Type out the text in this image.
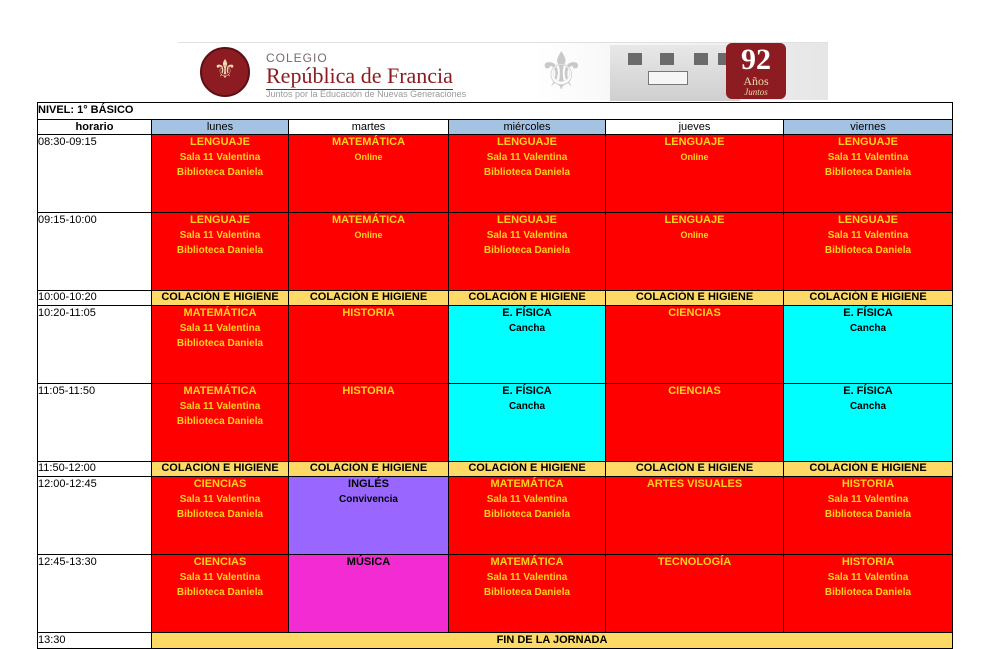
⚜	COLEGIO
República de Francia
Juntos por la Educación de Nuevas Generaciones ⚜	92
Años
Juntos
NIVEL: 1° BÁSICO					
horario	lunes	martes	miércoles	jueves	viernes
08:30-09:15	LENGUAJE
Sala 11 Valentina
Biblioteca Daniela	MATEMÁTICA
Online	LENGUAJE
Sala 11 Valentina
Biblioteca Daniela	LENGUAJE
Online	LENGUAJE
Sala 11 Valentina
Biblioteca Daniela

09:15-10:00	LENGUAJE
Sala 11 Valentina
Biblioteca Daniela	MATEMÁTICA
Online	LENGUAJE
Sala 11 Valentina
Biblioteca Daniela	LENGUAJE
Online	LENGUAJE
Sala 11 Valentina
Biblioteca Daniela

10:00-10:20	COLACIÓN E HIGIENE	COLACIÓN E HIGIENE	COLACIÓN E HIGIENE	COLACIÓN E HIGIENE	COLACIÓN E HIGIENE
10:20-11:05	MATEMÁTICA
Sala 11 Valentina
Biblioteca Daniela	HISTORIA	E. FÍSICA
Cancha	CIENCIAS	E. FÍSICA
Cancha

11:05-11:50	MATEMÁTICA
Sala 11 Valentina
Biblioteca Daniela	HISTORIA	E. FÍSICA
Cancha	CIENCIAS	E. FÍSICA
Cancha

11:50-12:00	COLACIÓN E HIGIENE	COLACIÓN E HIGIENE	COLACIÓN E HIGIENE	COLACIÓN E HIGIENE	COLACIÓN E HIGIENE
12:00-12:45	CIENCIAS
Sala 11 Valentina
Biblioteca Daniela	INGLÉS
Convivencia	MATEMÁTICA
Sala 11 Valentina
Biblioteca Daniela	ARTES VISUALES	HISTORIA
Sala 11 Valentina
Biblioteca Daniela

12:45-13:30	CIENCIAS
Sala 11 Valentina
Biblioteca Daniela	MÚSICA	MATEMÁTICA
Sala 11 Valentina
Biblioteca Daniela	TECNOLOGÍA	HISTORIA
Sala 11 Valentina
Biblioteca Daniela

13:30	FIN DE LA JORNADA				
